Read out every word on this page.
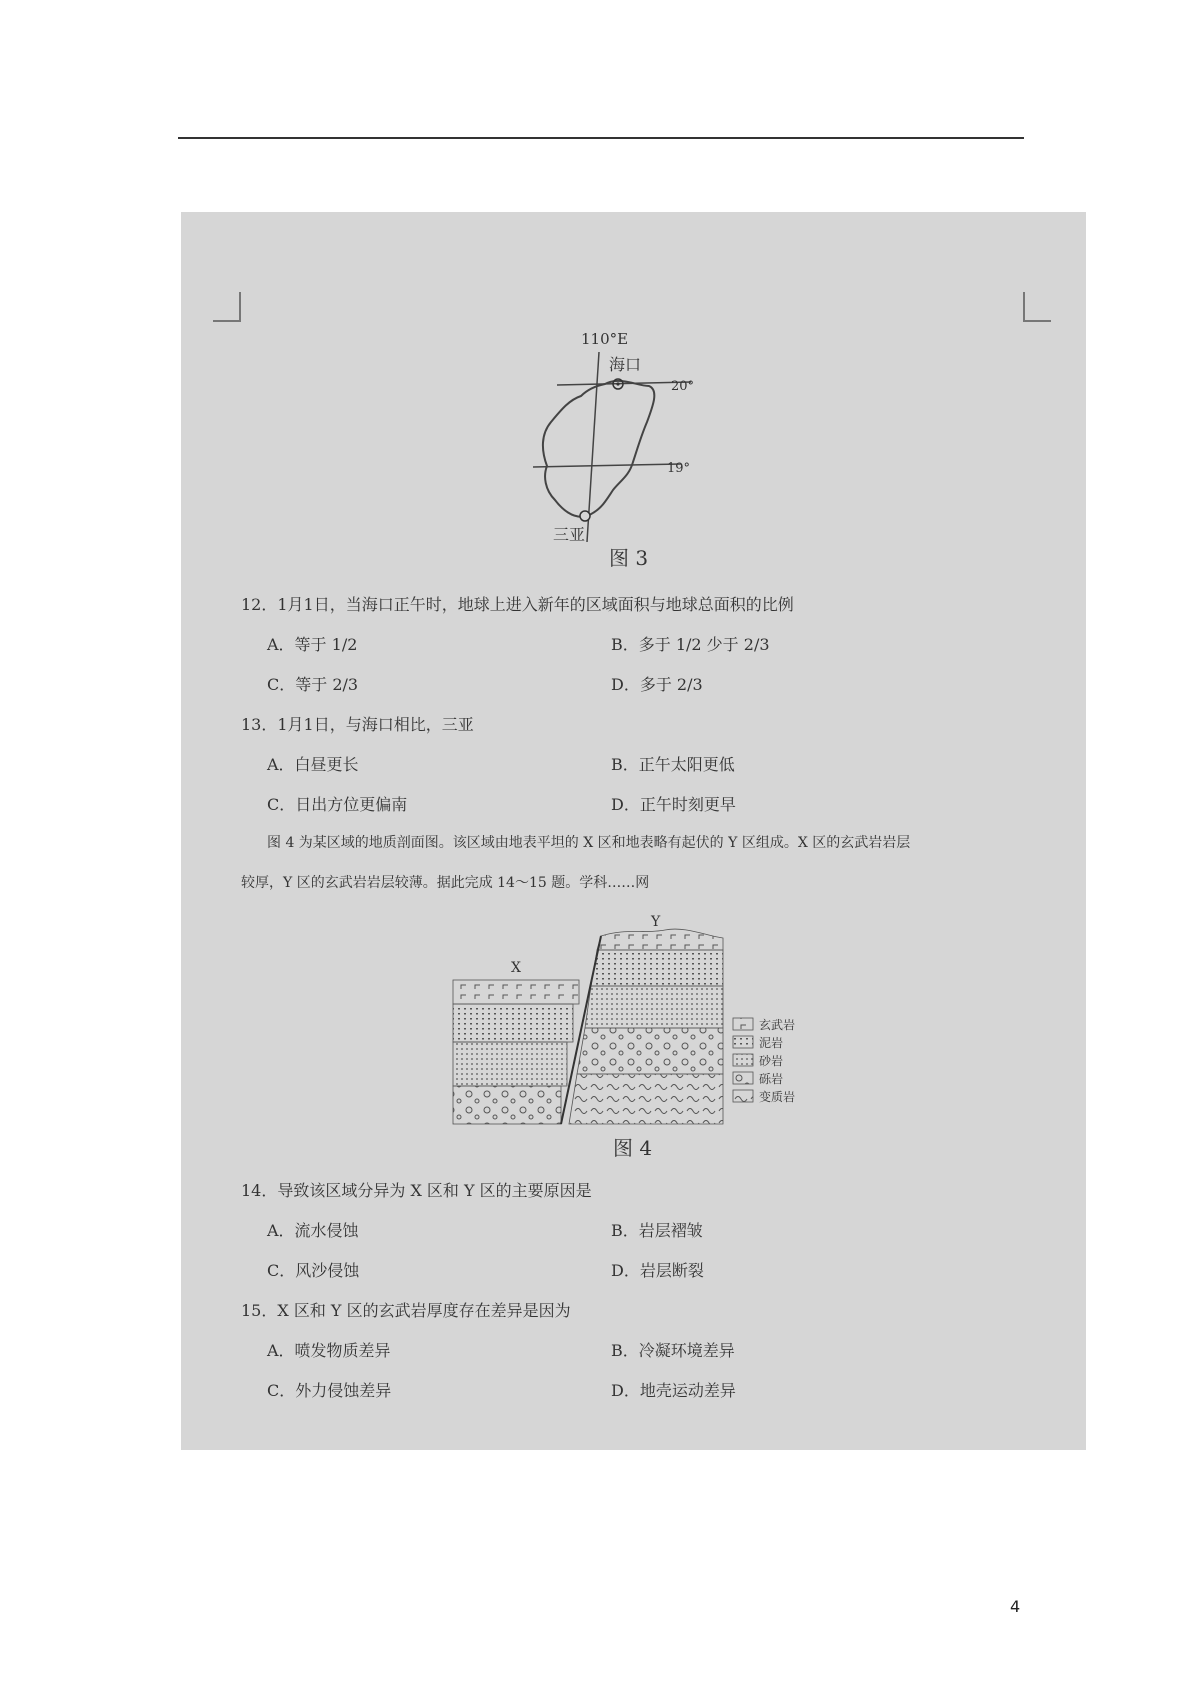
110°E
海口
20°
19°
三亚
图 3
12．1月1日，当海口正午时，地球上进入新年的区域面积与地球总面积的比例
A．等于 1/2	B．多于 1/2 少于 2/3
C．等于 2/3	D．多于 2/3
13．1月1日，与海口相比，三亚
A．白昼更长	B．正午太阳更低
C．日出方位更偏南	D．正午时刻更早
图 4 为某区域的地质剖面图。该区域由地表平坦的 X 区和地表略有起伏的 Y 区组成。X 区的玄武岩岩层
较厚，Y 区的玄武岩岩层较薄。据此完成 14～15 题。学科……网
X
Y
玄武岩
泥岩
砂岩
砾岩
变质岩
图 4
14．导致该区域分异为 X 区和 Y 区的主要原因是
A．流水侵蚀	B．岩层褶皱
C．风沙侵蚀	D．岩层断裂
15．X 区和 Y 区的玄武岩厚度存在差异是因为
A．喷发物质差异	B．冷凝环境差异
C．外力侵蚀差异	D．地壳运动差异
4
